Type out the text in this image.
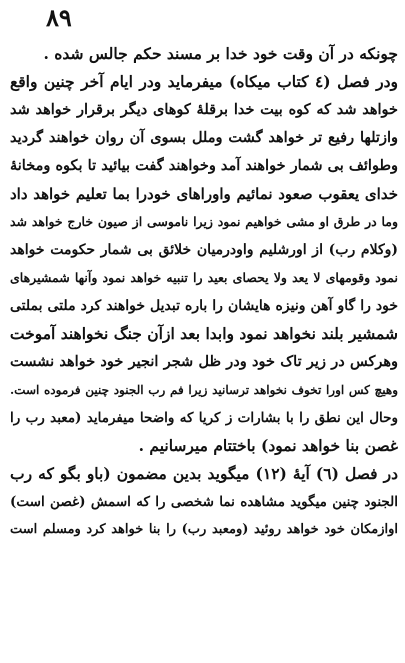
۸۹
چونکه در آن وقت خود خدا بر مسند حکم جالس شده .
ودر فصل (٤ کتاب میکاه) میفرماید ودر ایام آخر چنین واقع
خواهد شد که کوه بیت خدا برقلهٔ کوهای دیگر برقرار خواهد شد
وازتلها رفیع تر خواهد گشت وملل بسوی آن روان خواهند گردید
وطوائف بی شمار خواهند آمد وخواهند گفت بیائید تا بکوه ومخانهٔ
خدای یعقوب صعود نمائیم واوراهای خودرا بما تعلیم خواهد داد
وما در طرق او مشی خواهیم نمود زیرا ناموسی از صیون خارج خواهد شد
(وکلام رب) از اورشلیم واودرمیان خلائق بی شمار حکومت خواهد
نمود وقومهای لا یعد ولا یحصای بعید را تنبیه خواهد نمود وآنها شمشیرهای
خود را گاو آهن ونیزه هایشان را باره تبدیل خواهند کرد ملتی بملتی
شمشیر بلند نخواهد نمود وابدا بعد ازآن جنگ نخواهند آموخت
وهرکس در زیر تاک خود ودر ظل شجر انجیر خود خواهد نشست
وهیچ کس اورا تخوف نخواهد ترسانید زیرا فم رب الجنود چنین فرموده است.
وحال این نطق را با بشارات ز کریا که واضحا میفرماید (معبد رب را
غصن بنا خواهد نمود) باختتام میرسانیم .
در فصل (٦) آیهٔ (١٢) میگوید بدین مضمون (باو بگو که رب
الجنود چنین میگوید مشاهده نما شخصی را که اسمش (غصن است)
اوازمکان خود خواهد روئید (ومعبد رب) را بنا خواهد کرد ومسلم است
